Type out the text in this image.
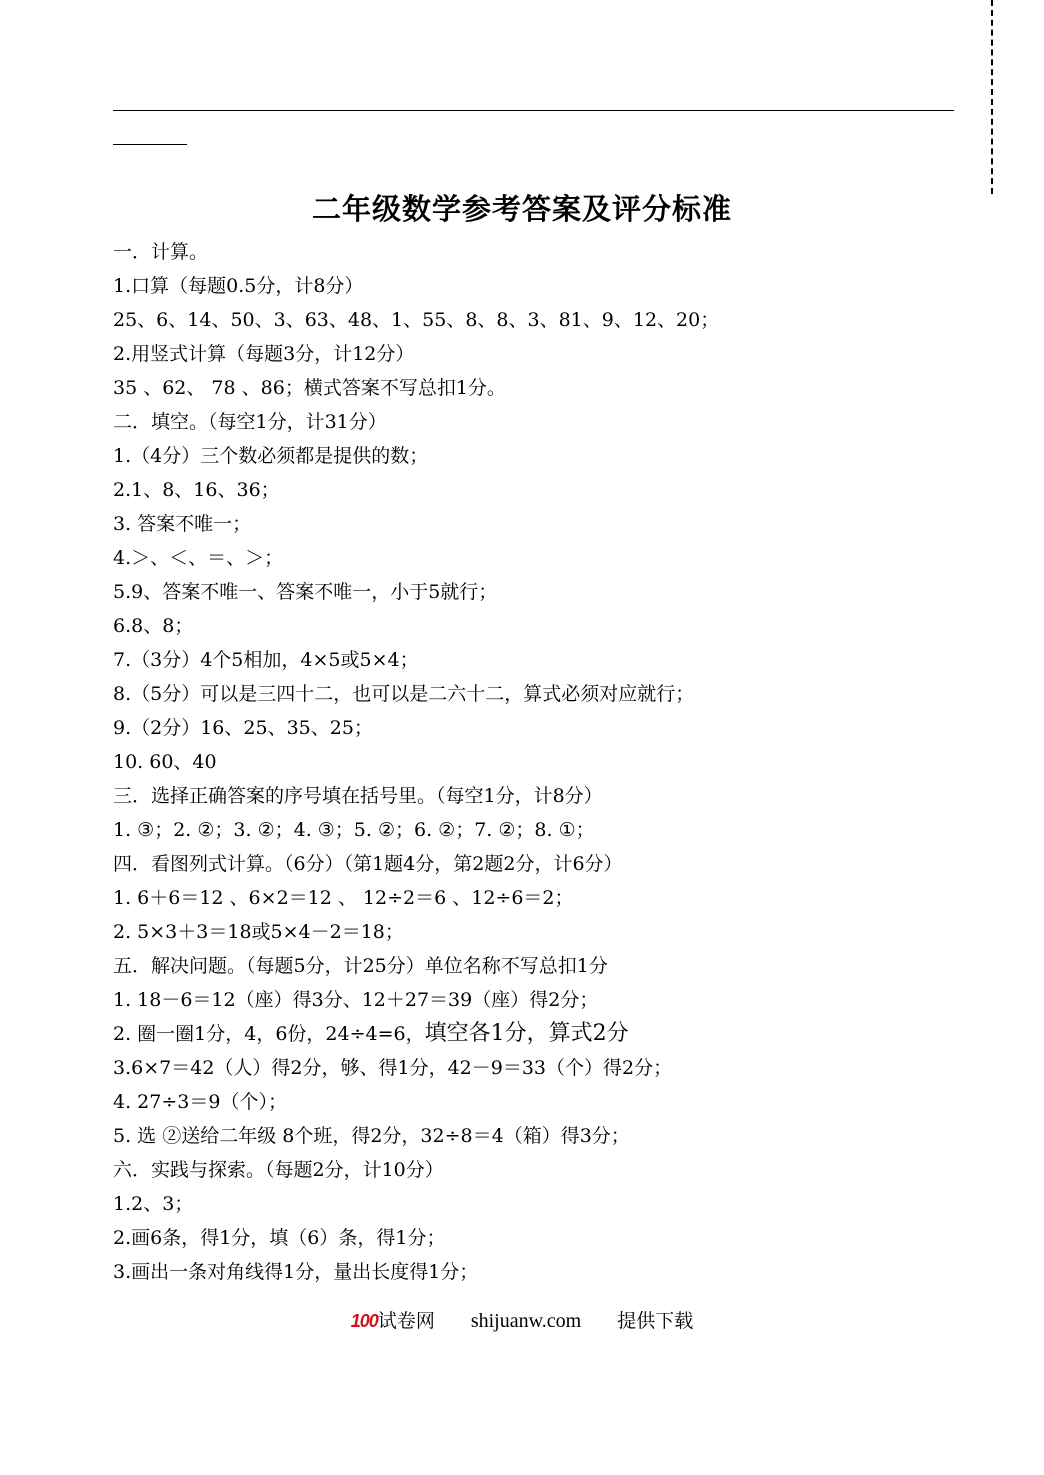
二年级数学参考答案及评分标准
一．计算。
1.口算（每题0.5分，计8分）
25、6、14、50、3、63、48、1、55、8、8、3、81、9、12、20；
2.用竖式计算（每题3分，计12分）
35 、62、 78 、86；横式答案不写总扣1分。
二．填空。（每空1分，计31分）
1.（4分）三个数必须都是提供的数；
2.1、8、16、36；
3. 答案不唯一；
4.＞、＜、＝、＞；
5.9、答案不唯一、答案不唯一，小于5就行；
6.8、8；
7.（3分）4个5相加，4×5或5×4；
8.（5分）可以是三四十二，也可以是二六十二，算式必须对应就行；
9.（2分）16、25、35、25；
10. 60、40
三．选择正确答案的序号填在括号里。（每空1分，计8分）
1. ③；2. ②；3. ②；4. ③；5. ②；6. ②；7. ②；8. ①；
四．看图列式计算。（6分）（第1题4分，第2题2分，计6分）
1. 6＋6＝12 、6×2＝12 、 12÷2＝6 、12÷6＝2；
2. 5×3＋3＝18或5×4－2＝18；
五．解决问题。（每题5分，计25分）单位名称不写总扣1分
1. 18－6＝12（座）得3分、12＋27＝39（座）得2分；
2. 圈一圈1分，4，6份，24÷4=6，填空各1分，算式2分
3.6×7＝42（人）得2分，够、得1分，42－9＝33（个）得2分；
4. 27÷3＝9（个）；
5. 选 ②送给二年级 8个班，得2分，32÷8＝4（箱）得3分；
六．实践与探索。（每题2分，计10分）
1.2、3；
2.画6条，得1分，填（6）条，得1分；
3.画出一条对角线得1分，量出长度得1分；
100试卷网 shijuanw.com 提供下载
